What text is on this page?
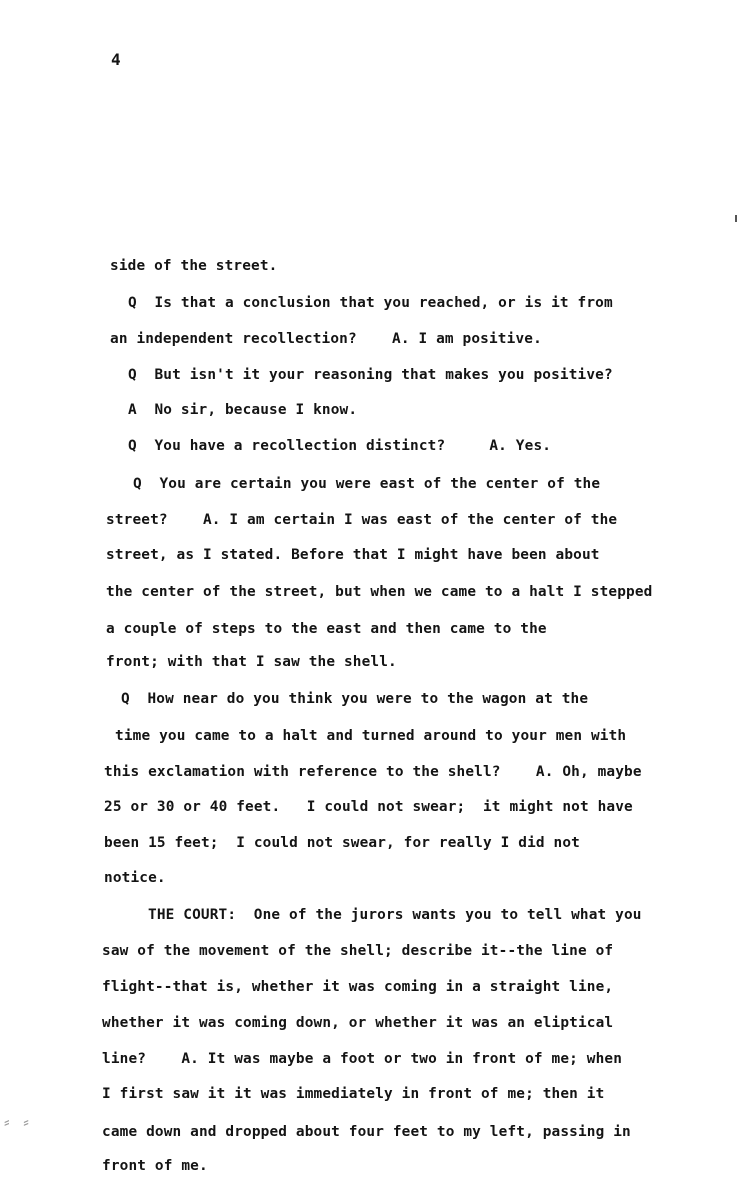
4
side of the street.
Q  Is that a conclusion that you reached, or is it from
an independent recollection?    A. I am positive.
Q  But isn't it your reasoning that makes you positive?
A  No sir, because I know.
Q  You have a recollection distinct?     A. Yes.
Q  You are certain you were east of the center of the
street?    A. I am certain I was east of the center of the
street, as I stated. Before that I might have been about
the center of the street, but when we came to a halt I stepped
a couple of steps to the east and then came to the
front; with that I saw the shell.
Q  How near do you think you were to the wagon at the
time you came to a halt and turned around to your men with
this exclamation with reference to the shell?    A. Oh, maybe
25 or 30 or 40 feet.   I could not swear;  it might not have
been 15 feet;  I could not swear, for really I did not
notice.
THE COURT:  One of the jurors wants you to tell what you
saw of the movement of the shell; describe it--the line of
flight--that is, whether it was coming in a straight line,
whether it was coming down, or whether it was an eliptical
line?    A. It was maybe a foot or two in front of me; when
I first saw it it was immediately in front of me; then it
came down and dropped about four feet to my left, passing in
front of me.
⸗ ⸗
